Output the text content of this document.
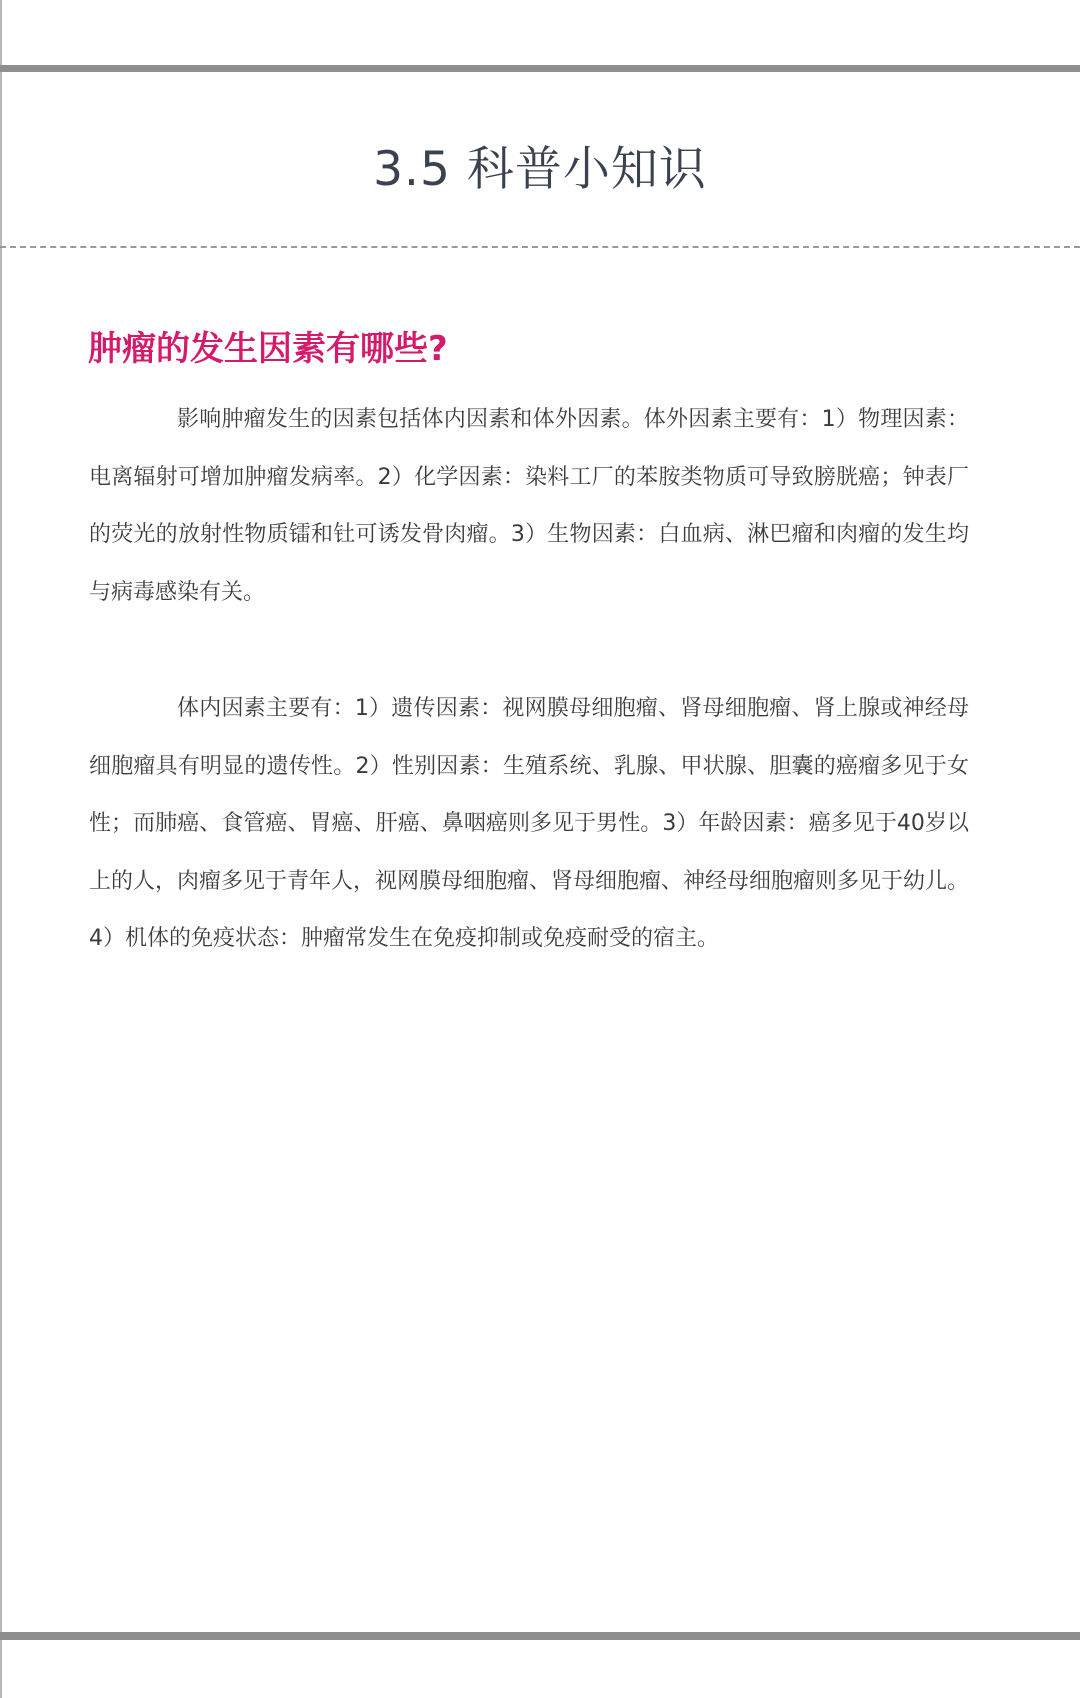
3.5 科普小知识
肿瘤的发生因素有哪些?

影响肿瘤发生的因素包括体内因素和体外因素。体外因素主要有：1）物理因素：电离辐射可增加肿瘤发病率。2）化学因素：染料工厂的苯胺类物质可导致膀胱癌；钟表厂的荧光的放射性物质镭和钍可诱发骨肉瘤。3）生物因素：白血病、淋巴瘤和肉瘤的发生均与病毒感染有关。

体内因素主要有：1）遗传因素：视网膜母细胞瘤、肾母细胞瘤、肾上腺或神经母细胞瘤具有明显的遗传性。2）性别因素：生殖系统、乳腺、甲状腺、胆囊的癌瘤多见于女性；而肺癌、食管癌、胃癌、肝癌、鼻咽癌则多见于男性。3）年龄因素：癌多见于40岁以上的人，肉瘤多见于青年人，视网膜母细胞瘤、肾母细胞瘤、神经母细胞瘤则多见于幼儿。4）机体的免疫状态：肿瘤常发生在免疫抑制或免疫耐受的宿主。
